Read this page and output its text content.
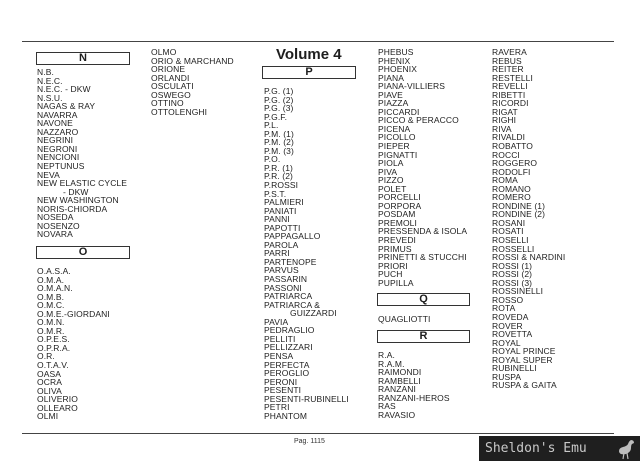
N
N.B.
N.E.C.
N.E.C. - DKW
N.S.U.
NAGAS & RAY
NAVARRA
NAVONE
NAZZARO
NEGRINI
NEGRONI
NENCIONI
NEPTUNUS
NEVA
NEW ELASTIC CYCLE
- DKW
NEW WASHINGTON
NORIS-CHIORDA
NOSEDA
NOSENZO
NOVARA
O
O.A.S.A.
O.M.A.
O.M.A.N.
O.M.B.
O.M.C.
O.M.E.-GIORDANI
O.M.N.
O.M.R.
O.P.E.S.
O.P.R.A.
O.R.
O.T.A.V.
OASA
OCRA
OLIVA
OLIVERIO
OLLEARO
OLMI
OLMO
ORIO & MARCHAND
ORIONE
ORLANDI
OSCULATI
OSWEGO
OTTINO
OTTOLENGHI
Volume 4
P
P.G. (1)
P.G. (2)
P.G. (3)
P.G.F.
P.L.
P.M. (1)
P.M. (2)
P.M. (3)
P.O.
P.R. (1)
P.R. (2)
P.ROSSI
P.S.T.
PALMIERI
PANIATI
PANNI
PAPOTTI
PAPPAGALLO
PAROLA
PARRI
PARTENOPE
PARVUS
PASSARIN
PASSONI
PATRIARCA
PATRIARCA &
GUIZZARDI
PAVIA
PEDRAGLIO
PELLITI
PELLIZZARI
PENSA
PERFECTA
PEROGLIO
PERONI
PESENTI
PESENTI-RUBINELLI
PETRI
PHANTOM
PHEBUS
PHENIX
PHOENIX
PIANA
PIANA-VILLIERS
PIAVE
PIAZZA
PICCARDI
PICCO & PERACCO
PICENA
PICOLLO
PIEPER
PIGNATTI
PIOLA
PIVA
PIZZO
POLET
PORCELLI
PORPORA
POSDAM
PREMOLI
PRESSENDA & ISOLA
PREVEDI
PRIMUS
PRINETTI & STUCCHI
PRIORI
PUCH
PUPILLA
Q
QUAGLIOTTI
R
R.A.
R.A.M.
RAIMONDI
RAMBELLI
RANZANI
RANZANI-HEROS
RAS
RAVASIO
RAVERA
REBUS
REITER
RESTELLI
REVELLI
RIBETTI
RICORDI
RIGAT
RIGHI
RIVA
RIVALDI
ROBATTO
ROCCI
ROGGERO
RODOLFI
ROMA
ROMANO
ROMERO
RONDINE (1)
RONDINE (2)
ROSANI
ROSATI
ROSELLI
ROSSELLI
ROSSI & NARDINI
ROSSI (1)
ROSSI (2)
ROSSI (3)
ROSSINELLI
ROSSO
ROTA
ROVEDA
ROVER
ROVETTA
ROYAL
ROYAL PRINCE
ROYAL SUPER
RUBINELLI
RUSPA
RUSPA & GAITA
Pag. 1115	Sheldon's Emu
